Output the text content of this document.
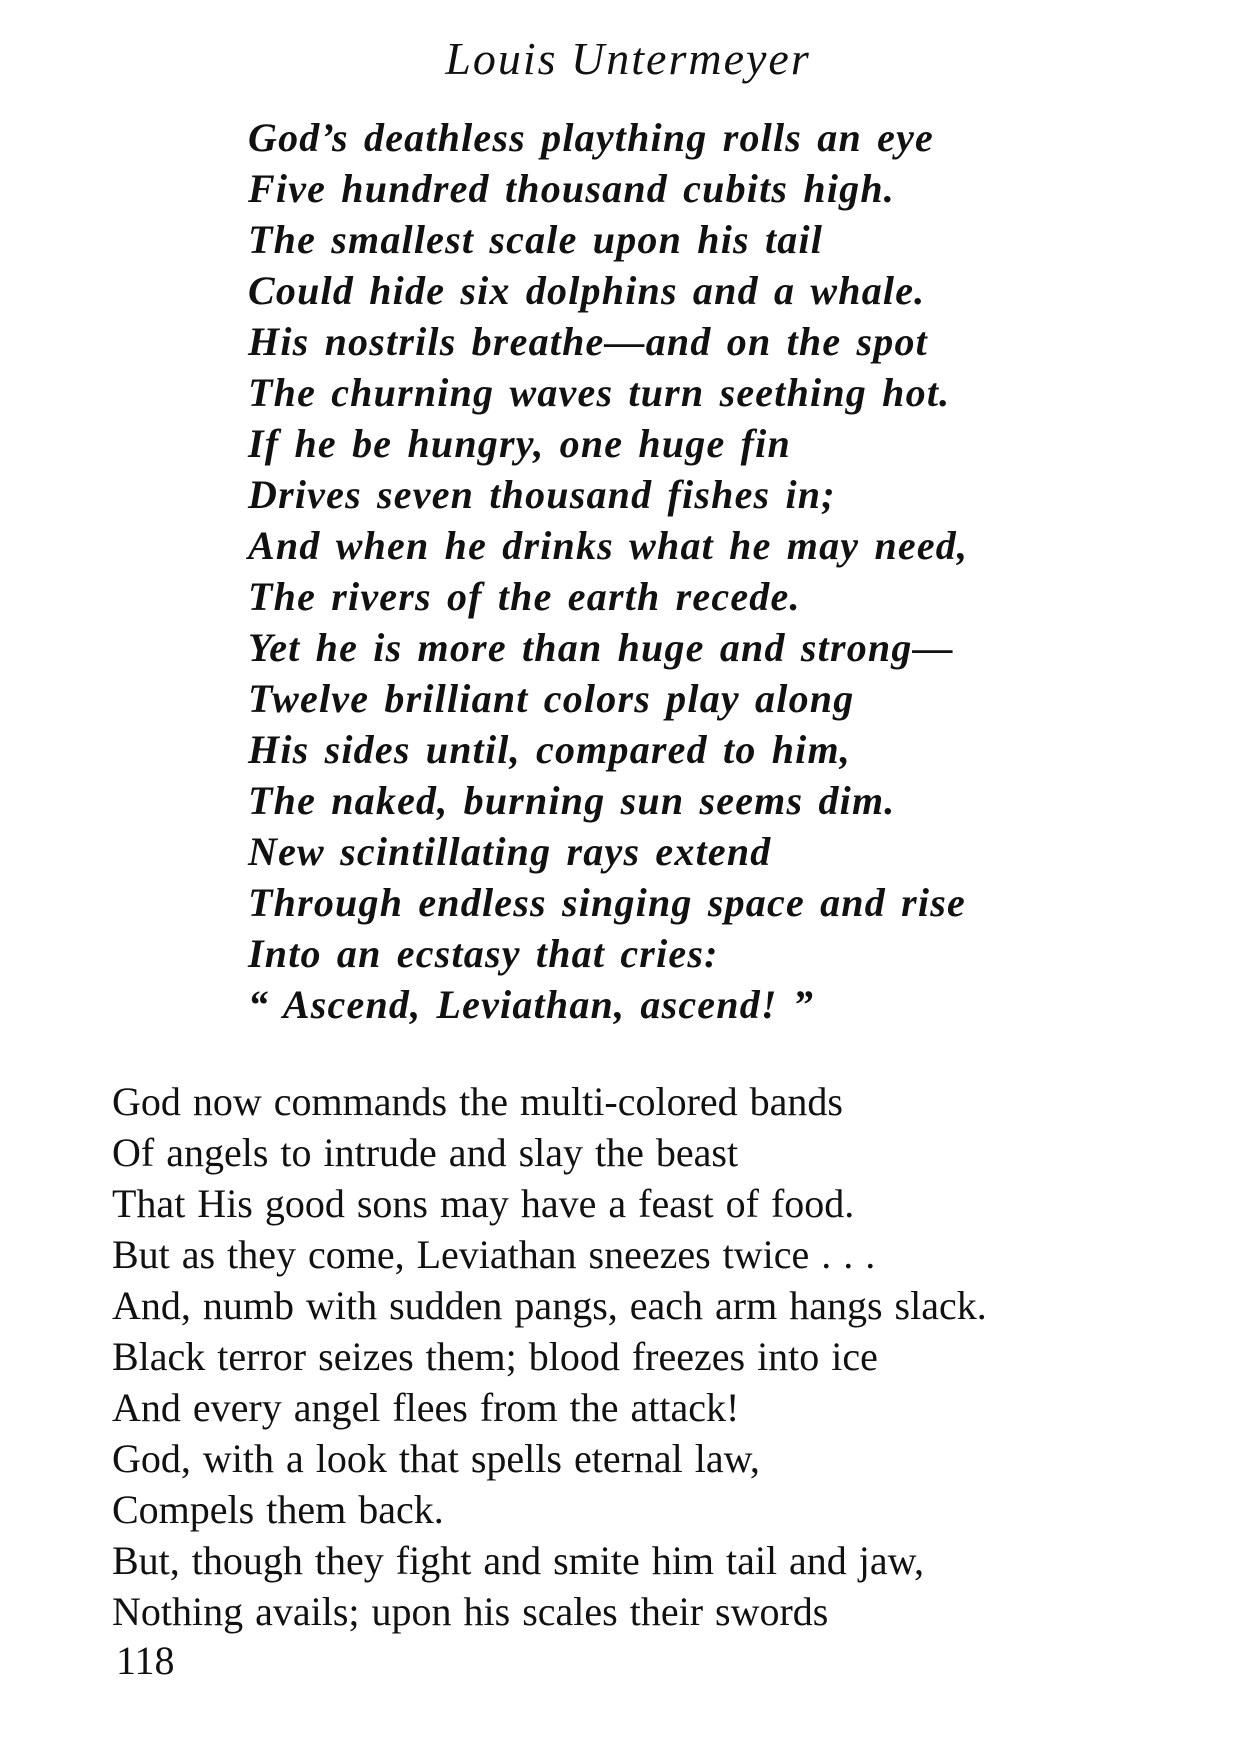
Louis Untermeyer
God’s deathless plaything rolls an eye
Five hundred thousand cubits high.
The smallest scale upon his tail
Could hide six dolphins and a whale.
His nostrils breathe—and on the spot
The churning waves turn seething hot.
If he be hungry, one huge fin
Drives seven thousand fishes in;
And when he drinks what he may need,
The rivers of the earth recede.
Yet he is more than huge and strong—
Twelve brilliant colors play along
His sides until, compared to him,
The naked, burning sun seems dim.
New scintillating rays extend
Through endless singing space and rise
Into an ecstasy that cries:
“ Ascend, Leviathan, ascend! ”
God now commands the multi-colored bands
Of angels to intrude and slay the beast
That His good sons may have a feast of food.
But as they come, Leviathan sneezes twice . . .
And, numb with sudden pangs, each arm hangs slack.
Black terror seizes them; blood freezes into ice
And every angel flees from the attack!
God, with a look that spells eternal law,
Compels them back.
But, though they fight and smite him tail and jaw,
Nothing avails; upon his scales their swords

118
